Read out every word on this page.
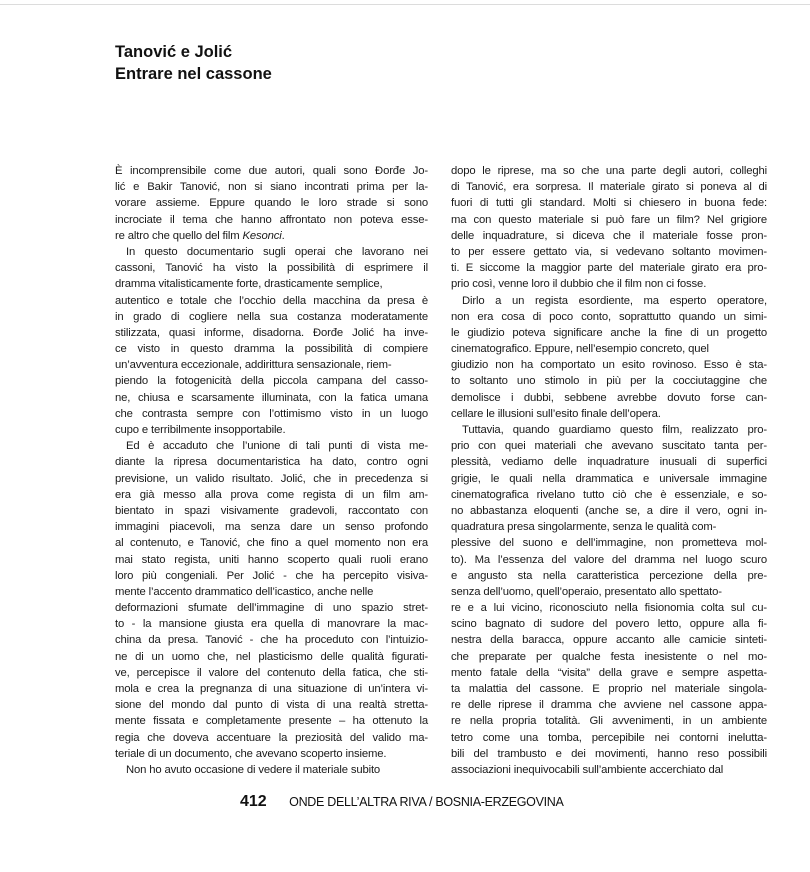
Tanović e Jolić
Entrare nel cassone
È incomprensibile come due autori, quali sono Đorđe Jo-
lić e Bakir Tanović, non si siano incontrati prima per la-
vorare assieme. Eppure quando le loro strade si sono
incrociate il tema che hanno affrontato non poteva esse-
re altro che quello del film Kesonci.
In questo documentario sugli operai che lavorano nei
cassoni, Tanović ha visto la possibilità di esprimere il
dramma vitalisticamente forte, drasticamente semplice,
autentico e totale che l’occhio della macchina da presa è
in grado di cogliere nella sua costanza moderatamente
stilizzata, quasi informe, disadorna. Đorđe Jolić ha inve-
ce visto in questo dramma la possibilità di compiere
un’avventura eccezionale, addirittura sensazionale, riem-
piendo la fotogenicità della piccola campana del casso-
ne, chiusa e scarsamente illuminata, con la fatica umana
che contrasta sempre con l’ottimismo visto in un luogo
cupo e terribilmente insopportabile.
Ed è accaduto che l’unione di tali punti di vista me-
diante la ripresa documentaristica ha dato, contro ogni
previsione, un valido risultato. Jolić, che in precedenza si
era già messo alla prova come regista di un film am-
bientato in spazi visivamente gradevoli, raccontato con
immagini piacevoli, ma senza dare un senso profondo
al contenuto, e Tanović, che fino a quel momento non era
mai stato regista, uniti hanno scoperto quali ruoli erano
loro più congeniali. Per Jolić - che ha percepito visiva-
mente l’accento drammatico dell’icastico, anche nelle
deformazioni sfumate dell’immagine di uno spazio stret-
to - la mansione giusta era quella di manovrare la mac-
china da presa. Tanović - che ha proceduto con l’intuizio-
ne di un uomo che, nel plasticismo delle qualità figurati-
ve, percepisce il valore del contenuto della fatica, che sti-
mola e crea la pregnanza di una situazione di un’intera vi-
sione del mondo dal punto di vista di una realtà stretta-
mente fissata e completamente presente – ha ottenuto la
regia che doveva accentuare la preziosità del valido ma-
teriale di un documento, che avevano scoperto insieme.
Non ho avuto occasione di vedere il materiale subito
dopo le riprese, ma so che una parte degli autori, colleghi
di Tanović, era sorpresa. Il materiale girato si poneva al di
fuori di tutti gli standard. Molti si chiesero in buona fede:
ma con questo materiale si può fare un film? Nel grigiore
delle inquadrature, si diceva che il materiale fosse pron-
to per essere gettato via, si vedevano soltanto movimen-
ti. E siccome la maggior parte del materiale girato era pro-
prio così, venne loro il dubbio che il film non ci fosse.
Dirlo a un regista esordiente, ma esperto operatore,
non era cosa di poco conto, soprattutto quando un simi-
le giudizio poteva significare anche la fine di un progetto
cinematografico. Eppure, nell’esempio concreto, quel
giudizio non ha comportato un esito rovinoso. Esso è sta-
to soltanto uno stimolo in più per la cocciutaggine che
demolisce i dubbi, sebbene avrebbe dovuto forse can-
cellare le illusioni sull’esito finale dell’opera.
Tuttavia, quando guardiamo questo film, realizzato pro-
prio con quei materiali che avevano suscitato tanta per-
plessità, vediamo delle inquadrature inusuali di superfici
grigie, le quali nella drammatica e universale immagine
cinematografica rivelano tutto ciò che è essenziale, e so-
no abbastanza eloquenti (anche se, a dire il vero, ogni in-
quadratura presa singolarmente, senza le qualità com-
plessive del suono e dell’immagine, non prometteva mol-
to). Ma l’essenza del valore del dramma nel luogo scuro
e angusto sta nella caratteristica percezione della pre-
senza dell’uomo, quell’operaio, presentato allo spettato-
re e a lui vicino, riconosciuto nella fisionomia colta sul cu-
scino bagnato di sudore del povero letto, oppure alla fi-
nestra della baracca, oppure accanto alle camicie sinteti-
che preparate per qualche festa inesistente o nel mo-
mento fatale della “visita” della grave e sempre aspetta-
ta malattia del cassone. E proprio nel materiale singola-
re delle riprese il dramma che avviene nel cassone appa-
re nella propria totalità. Gli avvenimenti, in un ambiente
tetro come una tomba, percepibile nei contorni ineluttа-
bili del trambusto e dei movimenti, hanno reso possibili
associazioni inequivocabili sull’ambiente accerchiato dal
412 ONDE DELL’ALTRA RIVA / BOSNIA-ERZEGOVINA
